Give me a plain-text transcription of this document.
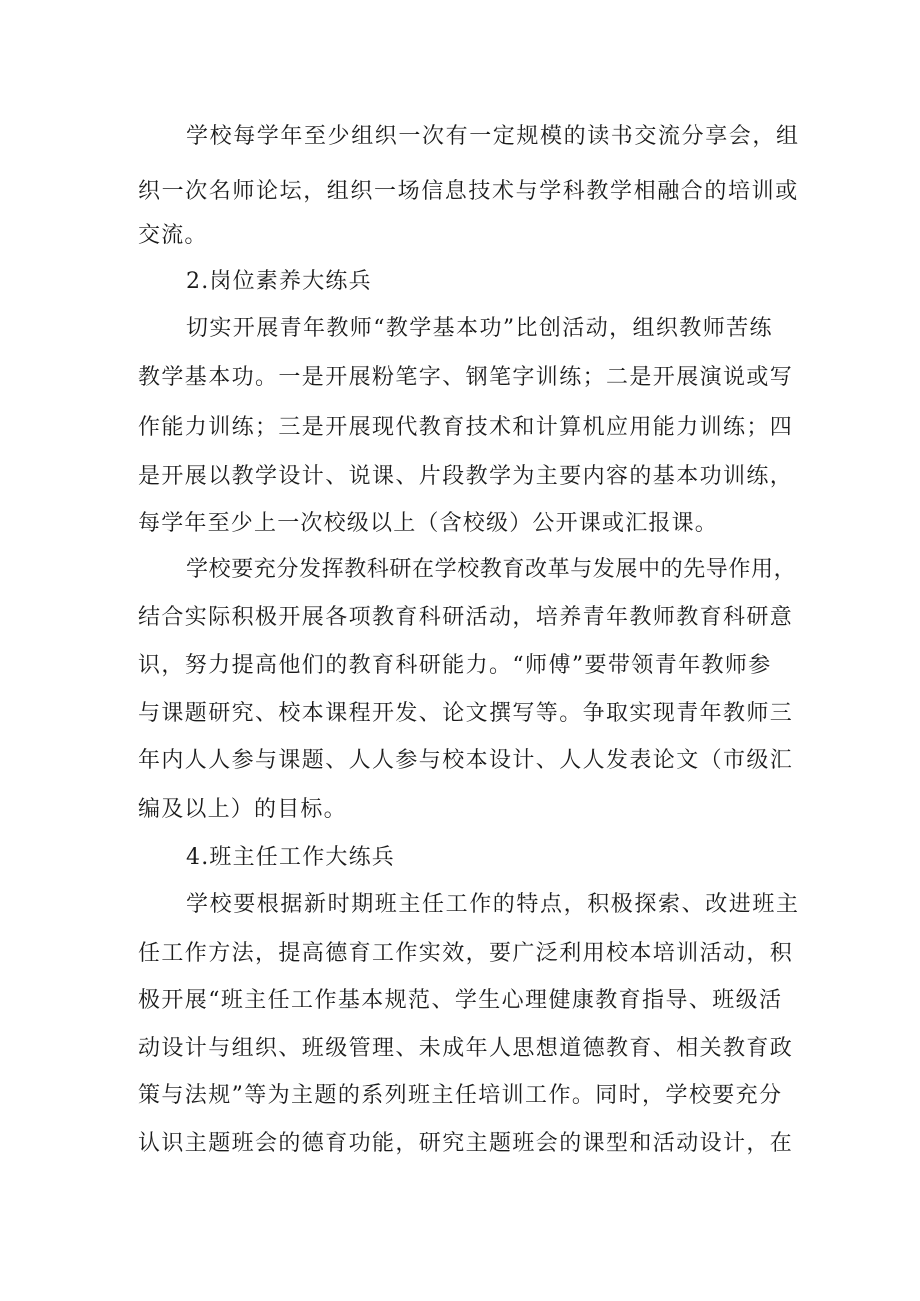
学校每学年至少组织一次有一定规模的读书交流分享会，组
织一次名师论坛，组织一场信息技术与学科教学相融合的培训或
交流。
2.岗位素养大练兵
切实开展青年教师“教学基本功”比创活动，组织教师苦练
教学基本功。一是开展粉笔字、钢笔字训练；二是开展演说或写
作能力训练；三是开展现代教育技术和计算机应用能力训练；四
是开展以教学设计、说课、片段教学为主要内容的基本功训练，
每学年至少上一次校级以上（含校级）公开课或汇报课。
学校要充分发挥教科研在学校教育改革与发展中的先导作用，
结合实际积极开展各项教育科研活动，培养青年教师教育科研意
识，努力提高他们的教育科研能力。“师傅”要带领青年教师参
与课题研究、校本课程开发、论文撰写等。争取实现青年教师三
年内人人参与课题、人人参与校本设计、人人发表论文（市级汇
编及以上）的目标。
4.班主任工作大练兵
学校要根据新时期班主任工作的特点，积极探索、改进班主
任工作方法，提高德育工作实效，要广泛利用校本培训活动，积
极开展“班主任工作基本规范、学生心理健康教育指导、班级活
动设计与组织、班级管理、未成年人思想道德教育、相关教育政
策与法规”等为主题的系列班主任培训工作。同时，学校要充分
认识主题班会的德育功能，研究主题班会的课型和活动设计，在
